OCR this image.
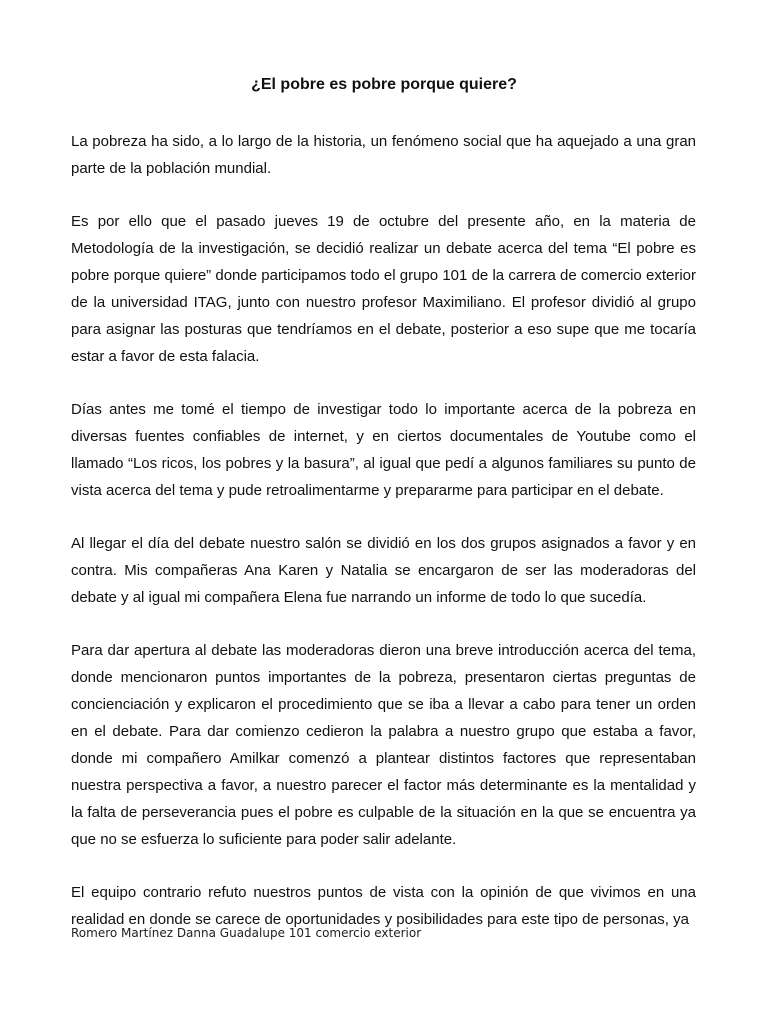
¿El pobre es pobre porque quiere?

La pobreza ha sido, a lo largo de la historia, un fenómeno social que ha aquejado a una gran parte de la población mundial.

Es por ello que el pasado jueves 19 de octubre del presente año, en la materia de Metodología de la investigación, se decidió realizar un debate acerca del tema “El pobre es pobre porque quiere” donde participamos todo el grupo 101 de la carrera de comercio exterior de la universidad ITAG, junto con nuestro profesor Maximiliano. El profesor dividió al grupo para asignar las posturas que tendríamos en el debate, posterior a eso supe que me tocaría estar a favor de esta falacia.

Días antes me tomé el tiempo de investigar todo lo importante acerca de la pobreza en diversas fuentes confiables de internet, y en ciertos documentales de Youtube como el llamado “Los ricos, los pobres y la basura”, al igual que pedí a algunos familiares su punto de vista acerca del tema y pude retroalimentarme y prepararme para participar en el debate.

Al llegar el día del debate nuestro salón se dividió en los dos grupos asignados a favor y en contra. Mis compañeras Ana Karen y Natalia se encargaron de ser las moderadoras del debate y al igual mi compañera Elena fue narrando un informe de todo lo que sucedía.

Para dar apertura al debate las moderadoras dieron una breve introducción acerca del tema, donde mencionaron puntos importantes de la pobreza, presentaron ciertas preguntas de concienciación y explicaron el procedimiento que se iba a llevar a cabo para tener un orden en el debate. Para dar comienzo cedieron la palabra a nuestro grupo que estaba a favor, donde mi compañero Amilkar comenzó a plantear distintos factores que representaban nuestra perspectiva a favor, a nuestro parecer el factor más determinante es la mentalidad y la falta de perseverancia pues el pobre es culpable de la situación en la que se encuentra ya que no se esfuerza lo suficiente para poder salir adelante.

El equipo contrario refuto nuestros puntos de vista con la opinión de que vivimos en una realidad en donde se carece de oportunidades y posibilidades para este tipo de personas, ya

Romero Martínez Danna Guadalupe 101 comercio exterior
